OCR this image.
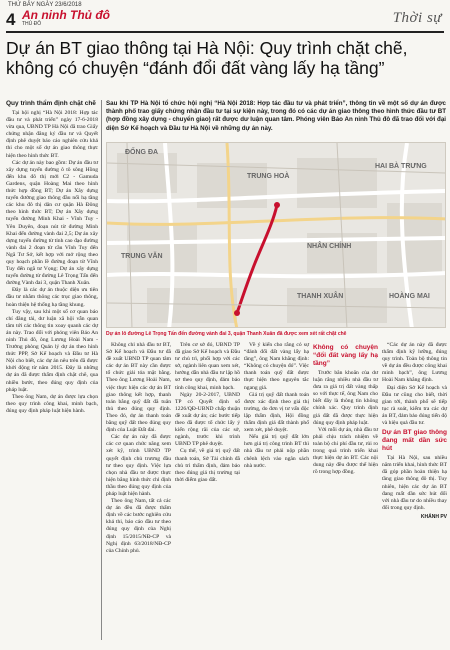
THỨ BẢY NGÀY 23/6/2018
4 An ninh Thủ đô
THỦ ĐÔ	Thời sự
Dự án BT giao thông tại Hà Nội: Quy trình chặt chẽ, không có chuyện “đánh đổi đất vàng lấy hạ tầng”
Quy trình thẩm định chặt chẽ

Tại hội nghị “Hà Nội 2018: Hợp tác đầu tư và phát triển” ngày 17-6-2018 vừa qua, UBND TP Hà Nội đã trao Giấy chứng nhận đăng ký đầu tư và Quyết định phê duyệt báo cáo nghiên cứu khả thi cho một số dự án giao thông thực hiện theo hình thức BT.

Các dự án này bao gồm: Dự án đầu tư xây dựng tuyến đường ô tô sông Hồng đến khu đô thị mới C2 - Gamuda Gardens, quận Hoàng Mai theo hình thức hợp đồng BT; Dự án Xây dựng tuyến đường giao thông đầu nối hạ tầng các khu đô thị dân cư quận Hà Đông theo hình thức BT; Dự án Xây dựng tuyến đường Minh Khai - Vĩnh Tuy - Yên Duyên, đoạn nút từ đường Minh Khai đến đường vành đai 2,5; Dự án xây dựng tuyến đường từ tỉnh cao đạo đường vành đai 2 đoạn từ cầu Vĩnh Tuy đến Ngã Tư Sở, kết hợp với mở rộng theo quy hoạch phần lề đường đoạn từ Vĩnh Tuy đến ngã tư Vọng; Dự án xây dựng tuyến đường từ đường Lê Trọng Tấn đến đường Vành đai 3, quận Thanh Xuân.

Đây là các dự án thuộc diện ưu tiên đầu tư nhằm thông các trục giao thông, hoàn thiện hệ thống hạ tầng khung.

Tuy vậy, sau khi một số cơ quan báo chí đăng tải, dư luận xã hội vẫn quan tâm tới các thông tin xoay quanh các dự án này. Trao đổi với phóng viên Báo An ninh Thủ đô, ông Lương Hoài Nam - Trưởng phòng Quản lý dự án theo hình thức PPP, Sở Kế hoạch và Đầu tư Hà Nội cho biết, các dự án nêu trên đã được khởi động từ năm 2015. Đây là những dự án đã được thẩm định chặt chẽ, qua nhiều bước, theo đúng quy định của pháp luật.

Theo ông Nam, dự án được lựa chọn theo quy trình công khai, minh bạch, đúng quy định pháp luật hiện hành.

Sau khi TP Hà Nội tổ chức hội nghị “Hà Nội 2018: Hợp tác đầu tư và phát triển”, thông tin về một số dự án được thành phố trao giấy chứng nhận đầu tư tại sự kiện này, trong đó có các dự án giao thông theo hình thức đầu tư BT (hợp đồng xây dựng - chuyển giao) rất được dư luận quan tâm. Phóng viên Báo An ninh Thủ đô đã trao đổi với đại diện Sở Kế hoạch và Đầu tư Hà Nội về những dự án này.
ĐỐNG ĐA
TRUNG HOÀ
NHÂN CHÍNH
HAI BÀ TRƯNG
THANH XUÂN	HOÀNG MAI
TRUNG VĂN
Dự án lô đường Lê Trọng Tấn đến đường vành đai 3, quận Thanh Xuân đã được xem xét rất chặt chẽ

Không chỉ nhà đầu tư BT, Sở Kế hoạch và Đầu tư đã đề xuất UBND TP quan tâm các dự án BT này cần được tổ chức giải tỏa mặt bằng. Theo ông Lương Hoài Nam, việc thực hiện các dự án BT giao thông kết hợp, thanh toán bằng quỹ đất đã tuân thủ theo đúng quy định. Theo đó, dự án thanh toán bằng quỹ đất theo đúng quy định của Luật Đất đai.

Các dự án này đã được các cơ quan chức năng xem xét kỹ, trình UBND TP quyết định chủ trương đầu tư theo quy định. Việc lựa chọn nhà đầu tư được thực hiện bằng hình thức chỉ định thầu theo đúng quy định của pháp luật hiện hành.

Theo ông Nam, tất cả các dự án đều đã được thẩm định về các bước nghiên cứu khả thi, báo cáo đầu tư theo đúng quy định của Nghị định 15/2015/NĐ-CP và Nghị định 63/2018/NĐ-CP của Chính phủ.

Trên cơ sở đó, UBND TP đã giao Sở Kế hoạch và Đầu tư chủ trì, phối hợp với các sở, ngành liên quan xem xét, hướng dẫn nhà đầu tư lập hồ sơ theo quy định, đảm bảo tính công khai, minh bạch.

Ngày 20-2-2017, UBND TP có Quyết định số 1226/QĐ-UBND chấp thuận đề xuất dự án; các bước tiếp theo đã được tổ chức lấy ý kiến rộng rãi của các sở, ngành, trước khi trình UBND TP phê duyệt.

Cụ thể, về giá trị quỹ đất thanh toán, Sở Tài chính đã chủ trì thẩm định, đảm bảo theo đúng giá thị trường tại thời điểm giao đất.

Về ý kiến cho rằng có sự “đánh đổi đất vàng lấy hạ tầng”, ông Nam khẳng định: “Không có chuyện đó”. Việc thanh toán quỹ đất được thực hiện theo nguyên tắc ngang giá.

Giá trị quỹ đất thanh toán được xác định theo giá thị trường, do đơn vị tư vấn độc lập thẩm định, Hội đồng thẩm định giá đất thành phố xem xét, phê duyệt.

Nếu giá trị quỹ đất lớn hơn giá trị công trình BT thì nhà đầu tư phải nộp phần chênh lệch vào ngân sách nhà nước.

Không có chuyện “đổi đất vàng lấy hạ tầng”

Trước băn khoăn của dư luận rằng nhiều nhà đầu tư đưa ra giá trị đất vàng thấp so với thực tế, ông Nam cho biết đây là thông tin không chính xác. Quy trình định giá đất đã được thực hiện đúng quy định pháp luật.

Với mỗi dự án, nhà đầu tư phải chịu trách nhiệm về toàn bộ chi phí đầu tư, rủi ro trong quá trình triển khai thực hiện dự án BT. Các nội dung này đều được thể hiện rõ trong hợp đồng.

“Các dự án này đã được thẩm định kỹ lưỡng, đúng quy trình. Toàn bộ thông tin về dự án đều được công khai minh bạch”, ông Lương Hoài Nam khẳng định.

Đại diện Sở Kế hoạch và Đầu tư cũng cho biết, thời gian tới, thành phố sẽ tiếp tục rà soát, kiểm tra các dự án BT, đảm bảo đúng tiến độ và hiệu quả đầu tư.

Dự án BT giao thông đang mất dần sức hút

Tại Hà Nội, sau nhiều năm triển khai, hình thức BT đã góp phần hoàn thiện hạ tầng giao thông đô thị. Tuy nhiên, hiện các dự án BT đang mất dần sức hút đối với nhà đầu tư do nhiều thay đổi trong quy định.

KHÁNH PV
